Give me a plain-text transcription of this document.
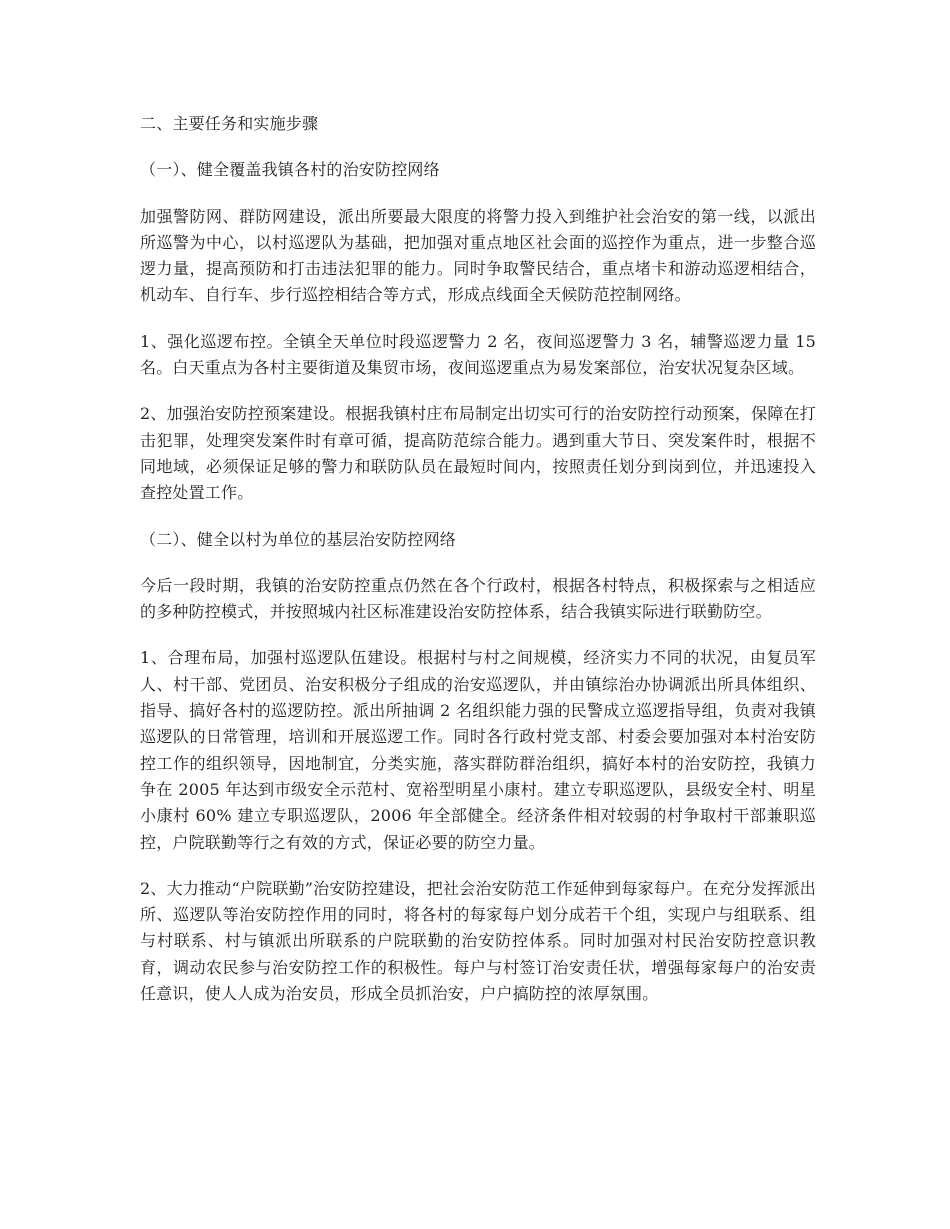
二、主要任务和实施步骤

（一）、健全覆盖我镇各村的治安防控网络

加强警防网、群防网建设，派出所要最大限度的将警力投入到维护社会治安的第一线，以派出所巡警为中心，以村巡逻队为基础，把加强对重点地区社会面的巡控作为重点，进一步整合巡逻力量，提高预防和打击违法犯罪的能力。同时争取警民结合，重点堵卡和游动巡逻相结合，机动车、自行车、步行巡控相结合等方式，形成点线面全天候防范控制网络。

1、强化巡逻布控。全镇全天单位时段巡逻警力 2 名，夜间巡逻警力 3 名，辅警巡逻力量 15 名。白天重点为各村主要街道及集贸市场，夜间巡逻重点为易发案部位，治安状况复杂区域。

2、加强治安防控预案建设。根据我镇村庄布局制定出切实可行的治安防控行动预案，保障在打击犯罪，处理突发案件时有章可循，提高防范综合能力。遇到重大节日、突发案件时，根据不同地域，必须保证足够的警力和联防队员在最短时间内，按照责任划分到岗到位，并迅速投入查控处置工作。

（二）、健全以村为单位的基层治安防控网络

今后一段时期，我镇的治安防控重点仍然在各个行政村，根据各村特点，积极探索与之相适应的多种防控模式，并按照城内社区标准建设治安防控体系，结合我镇实际进行联勤防空。

1、合理布局，加强村巡逻队伍建设。根据村与村之间规模，经济实力不同的状况，由复员军人、村干部、党团员、治安积极分子组成的治安巡逻队，并由镇综治办协调派出所具体组织、指导、搞好各村的巡逻防控。派出所抽调 2 名组织能力强的民警成立巡逻指导组，负责对我镇巡逻队的日常管理，培训和开展巡逻工作。同时各行政村党支部、村委会要加强对本村治安防控工作的组织领导，因地制宜，分类实施，落实群防群治组织，搞好本村的治安防控，我镇力争在 2005 年达到市级安全示范村、宽裕型明星小康村。建立专职巡逻队，县级安全村、明星小康村 60% 建立专职巡逻队，2006 年全部健全。经济条件相对较弱的村争取村干部兼职巡控，户院联勤等行之有效的方式，保证必要的防空力量。

2、大力推动“户院联勤”治安防控建设，把社会治安防范工作延伸到每家每户。在充分发挥派出所、巡逻队等治安防控作用的同时，将各村的每家每户划分成若干个组，实现户与组联系、组与村联系、村与镇派出所联系的户院联勤的治安防控体系。同时加强对村民治安防控意识教育，调动农民参与治安防控工作的积极性。每户与村签订治安责任状，增强每家每户的治安责任意识，使人人成为治安员，形成全员抓治安，户户搞防控的浓厚氛围。
